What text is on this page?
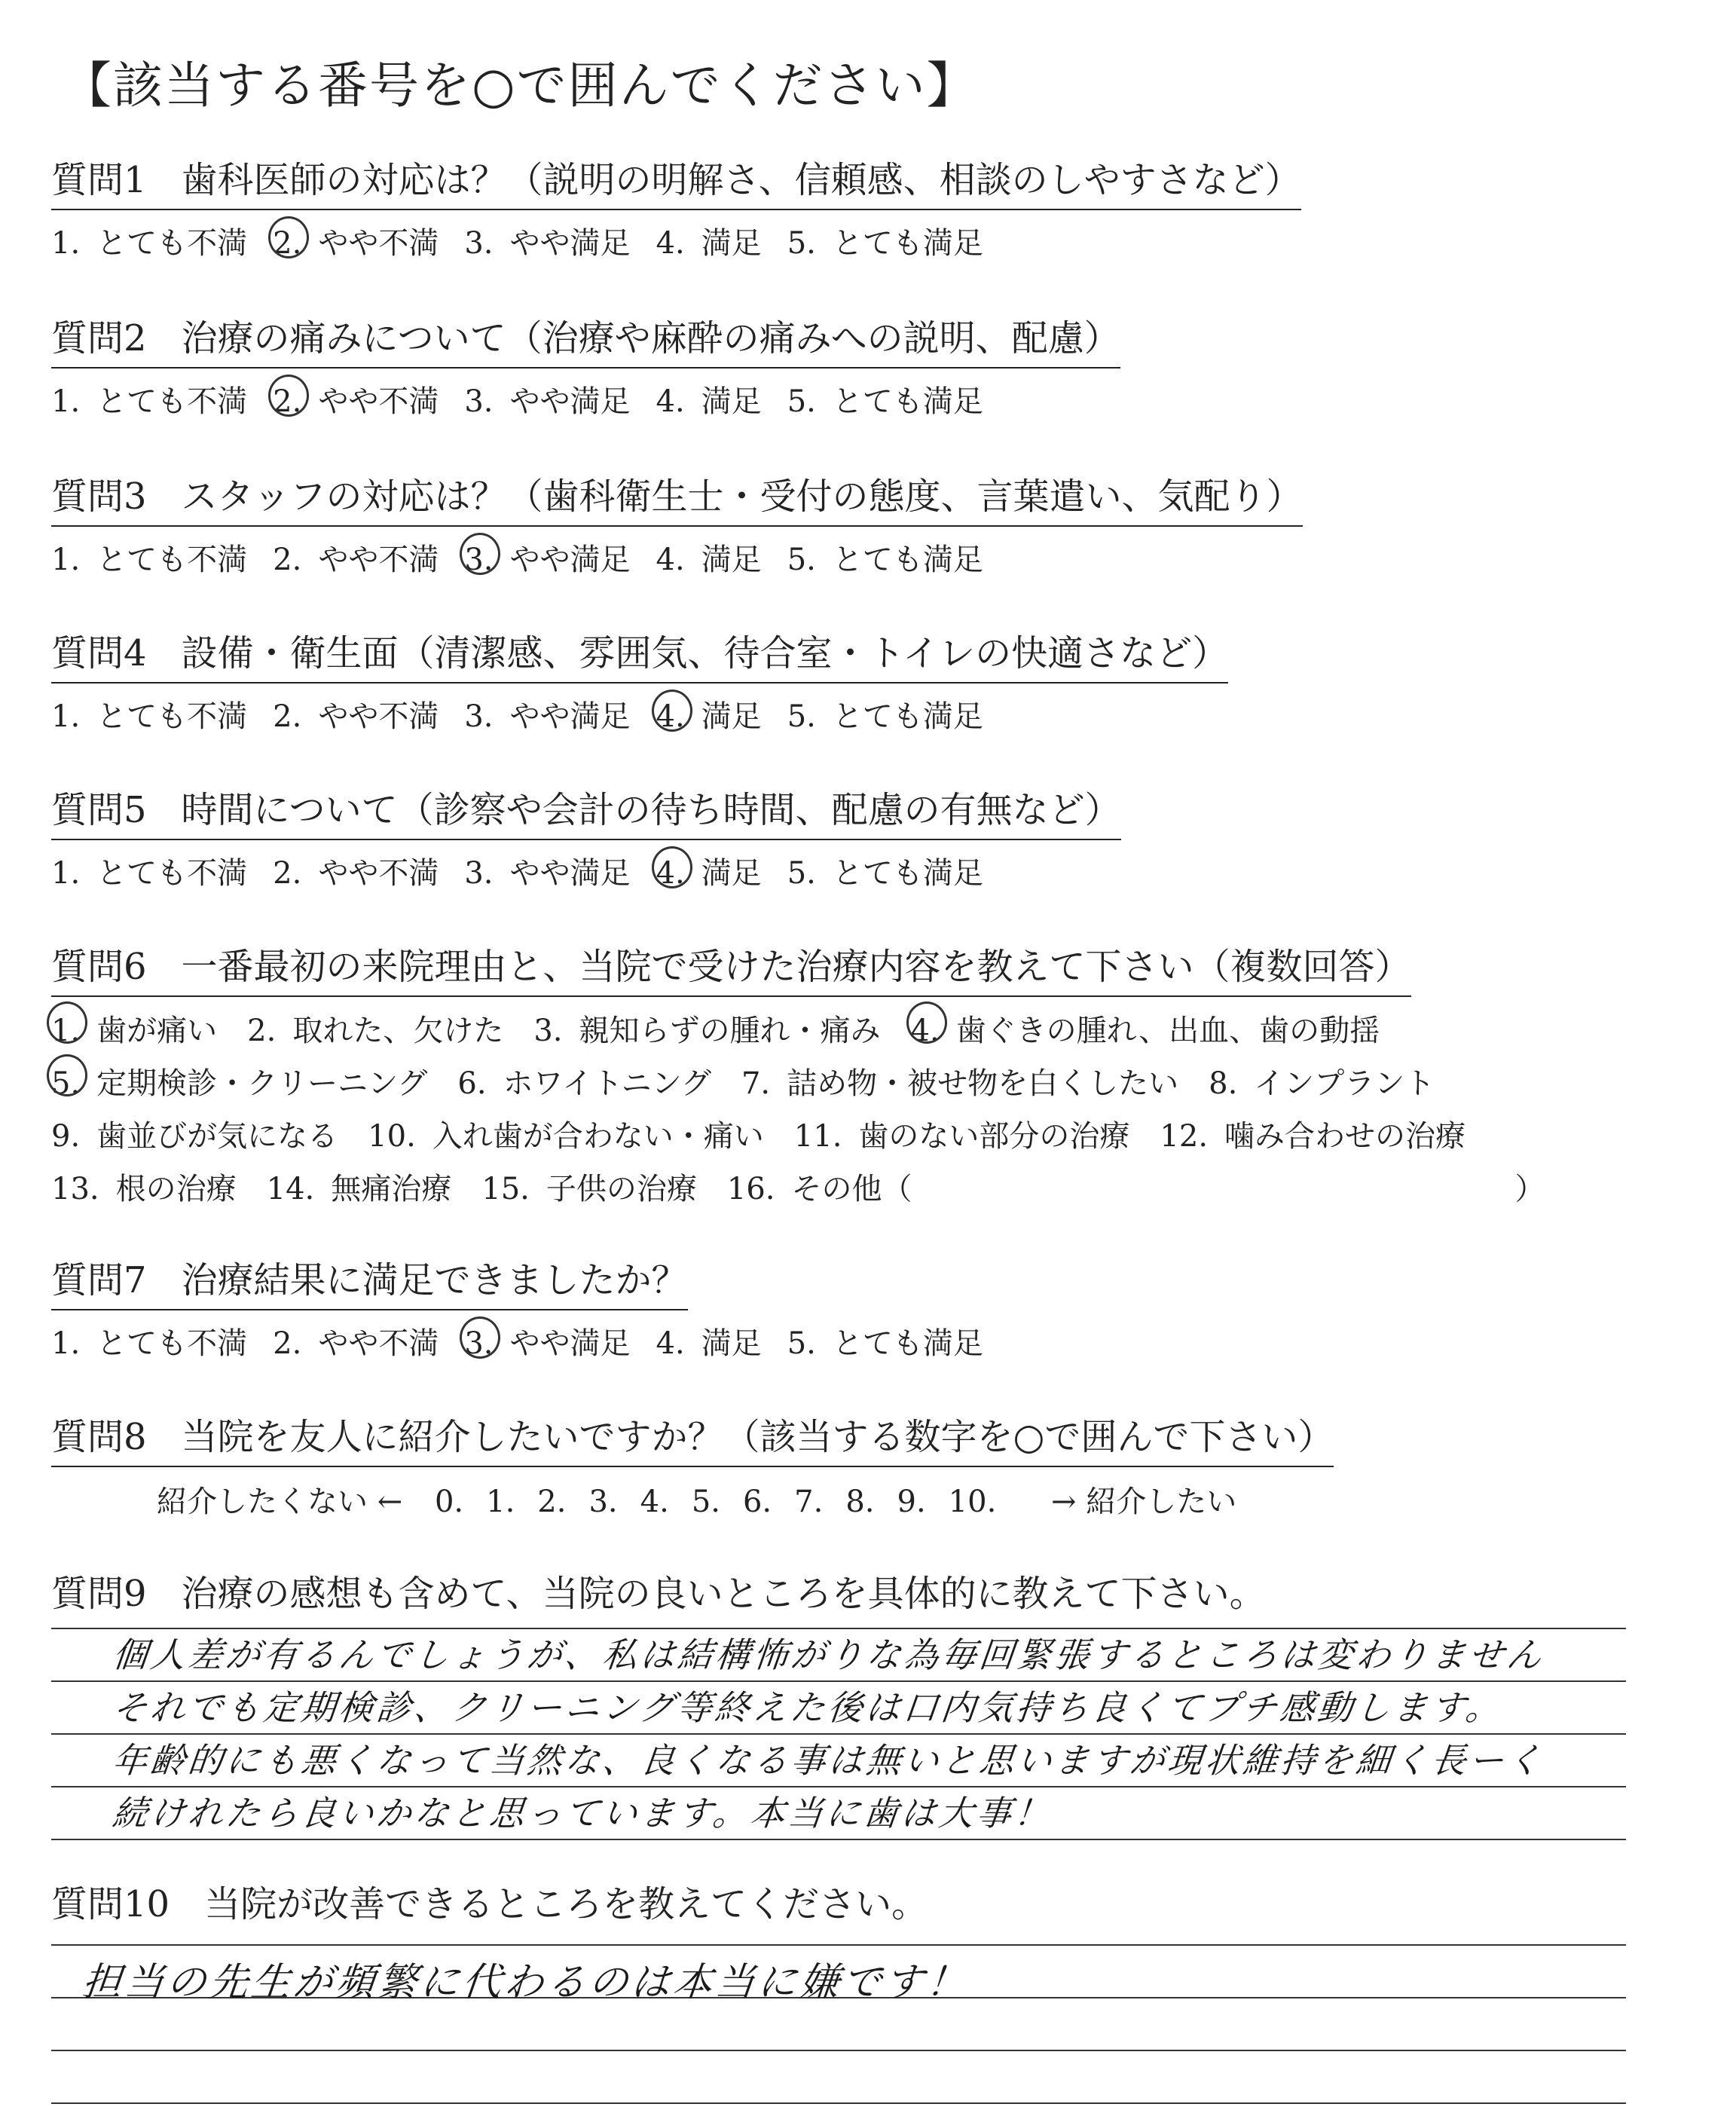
【該当する番号を○で囲んでください】
質問1 歯科医師の対応は？（説明の明解さ、信頼感、相談のしやすさなど）
1. とても不満 2. やや不満 3. やや満足 4. 満足 5. とても満足
質問2 治療の痛みについて（治療や麻酔の痛みへの説明、配慮）
1. とても不満 2. やや不満 3. やや満足 4. 満足 5. とても満足
質問3 スタッフの対応は？（歯科衛生士・受付の態度、言葉遣い、気配り）
1. とても不満 2. やや不満 3. やや満足 4. 満足 5. とても満足
質問4 設備・衛生面（清潔感、雰囲気、待合室・トイレの快適さなど）
1. とても不満 2. やや不満 3. やや満足 4. 満足 5. とても満足
質問5 時間について（診察や会計の待ち時間、配慮の有無など）
1. とても不満 2. やや不満 3. やや満足 4. 満足 5. とても満足
質問6 一番最初の来院理由と、当院で受けた治療内容を教えて下さい（複数回答）
1. 歯が痛い 2. 取れた、欠けた 3. 親知らずの腫れ・痛み 4. 歯ぐきの腫れ、出血、歯の動揺
5. 定期検診・クリーニング 6. ホワイトニング 7. 詰め物・被せ物を白くしたい 8. インプラント
9. 歯並びが気になる 10. 入れ歯が合わない・痛い 11. 歯のない部分の治療 12. 噛み合わせの治療
13. 根の治療 14. 無痛治療 15. 子供の治療 16. その他（　　　　　　　　　　　　　　　　　　　　）
質問7 治療結果に満足できましたか？
1. とても不満 2. やや不満 3. やや満足 4. 満足 5. とても満足
質問8 当院を友人に紹介したいですか？（該当する数字を○で囲んで下さい）
紹介したくない ← 0. 1. 2. 3. 4. 5. 6. 7. 8. 9. 10. → 紹介したい
質問9 治療の感想も含めて、当院の良いところを具体的に教えて下さい。
個人差が有るんでしょうが、私は結構怖がりな為毎回緊張するところは変わりません
それでも定期検診、クリーニング等終えた後は口内気持ち良くてプチ感動します。
年齢的にも悪くなって当然な、良くなる事は無いと思いますが現状維持を細く長ーく
続けれたら良いかなと思っています。本当に歯は大事！
質問10 当院が改善できるところを教えてください。
担当の先生が頻繁に代わるのは本当に嫌です！
